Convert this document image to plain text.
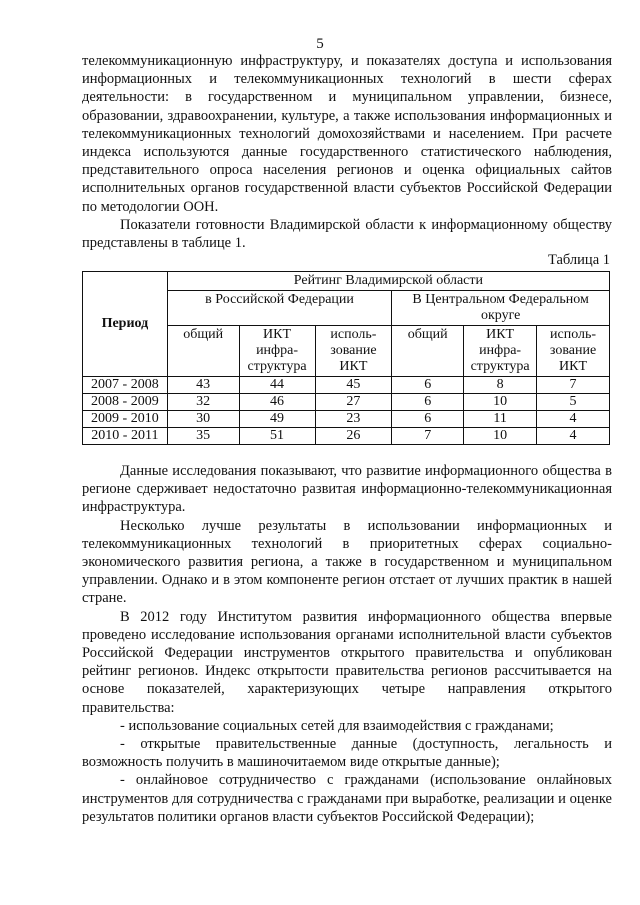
5

телекоммуникационную инфраструктуру, и показателях доступа и использования информационных и телекоммуникационных технологий в шести сферах деятельности: в государственном и муниципальном управлении, бизнесе, образовании, здравоохранении, культуре, а также использования информационных и телекоммуникационных технологий домохозяйствами и населением. При расчете индекса используются данные государственного статистического наблюдения, представительного опроса населения регионов и оценка официальных сайтов исполнительных органов государственной власти субъектов Российской Федерации по методологии ООН.

Показатели готовности Владимирской области к информационному обществу представлены в таблице 1.

Таблица 1
Период	Рейтинг Владимирской области					
	в Российской Федерации			В Центральном Федеральном округе		
	общий	ИКТ инфра-структура	исполь-зование ИКТ	общий	ИКТ инфра-структура	исполь-зование ИКТ
2007 - 2008	43	44	45	6	8	7
2008 - 2009	32	46	27	6	10	5
2009 - 2010	30	49	23	6	11	4
2010 - 2011	35	51	26	7	10	4

Данные исследования показывают, что развитие информационного общества в регионе сдерживает недостаточно развитая информационно-телекоммуникационная инфраструктура.

Несколько лучше результаты в использовании информационных и телекоммуникационных технологий в приоритетных сферах социально-экономического развития региона, а также в государственном и муниципальном управлении. Однако и в этом компоненте регион отстает от лучших практик в нашей стране.

В 2012 году Институтом развития информационного общества впервые проведено исследование использования органами исполнительной власти субъектов Российской Федерации инструментов открытого правительства и опубликован рейтинг регионов. Индекс открытости правительства регионов рассчитывается на основе показателей, характеризующих четыре направления открытого правительства:

- использование социальных сетей для взаимодействия с гражданами;

- открытые правительственные данные (доступность, легальность и возможность получить в машиночитаемом виде открытые данные);

- онлайновое сотрудничество с гражданами (использование онлайновых инструментов для сотрудничества с гражданами при выработке, реализации и оценке результатов политики органов власти субъектов Российской Федерации);
